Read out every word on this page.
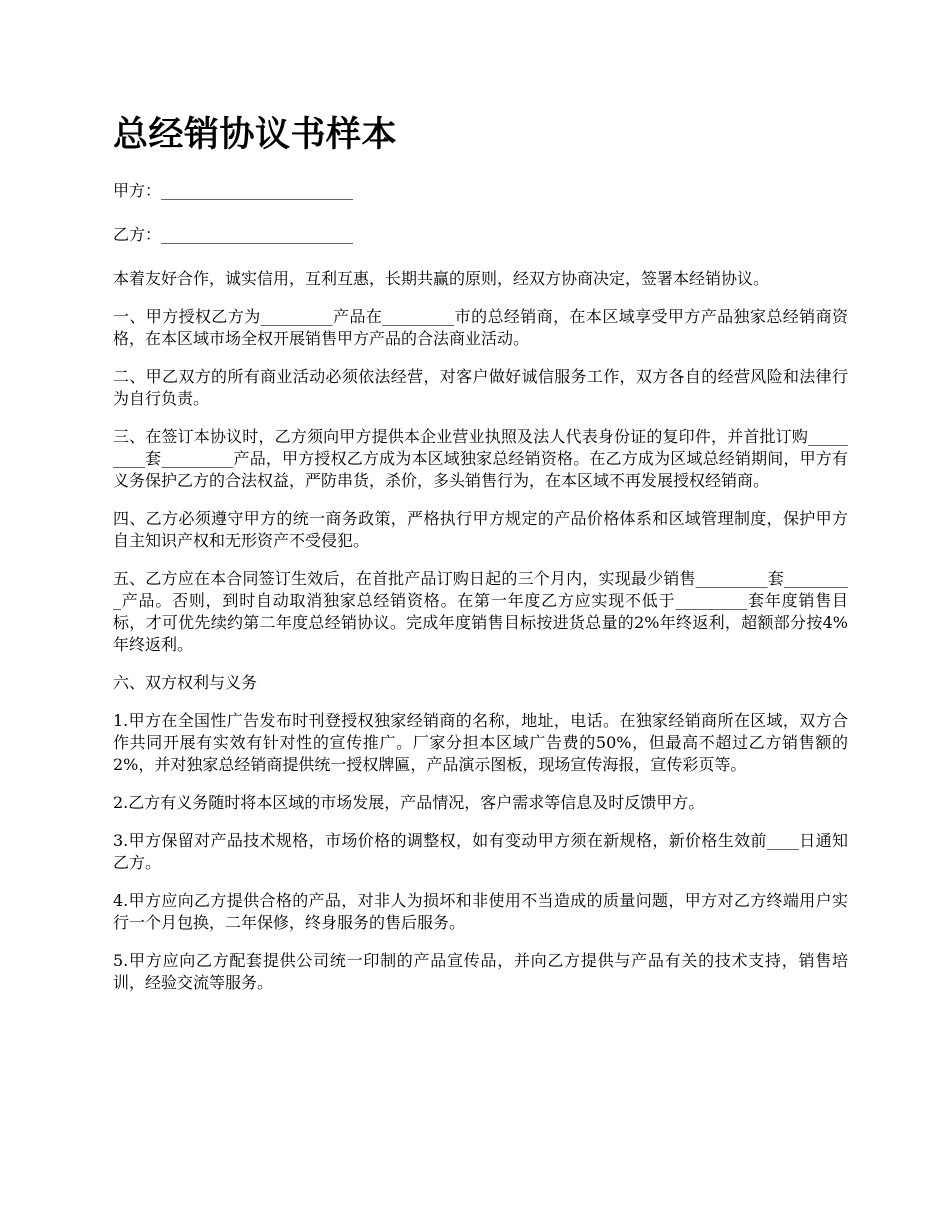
总经销协议书样本

甲方：________________________

乙方：________________________

本着友好合作，诚实信用，互利互惠，长期共赢的原则，经双方协商决定，签署本经销协议。

一、甲方授权乙方为_________产品在_________市的总经销商，在本区域享受甲方产品独家总经销商资格，在本区域市场全权开展销售甲方产品的合法商业活动。

二、甲乙双方的所有商业活动必须依法经营，对客户做好诚信服务工作，双方各自的经营风险和法律行为自行负责。

三、在签订本协议时，乙方须向甲方提供本企业营业执照及法人代表身份证的复印件，并首批订购_________套_________产品，甲方授权乙方成为本区域独家总经销资格。在乙方成为区域总经销期间，甲方有义务保护乙方的合法权益，严防串货，杀价，多头销售行为，在本区域不再发展授权经销商。

四、乙方必须遵守甲方的统一商务政策，严格执行甲方规定的产品价格体系和区域管理制度，保护甲方自主知识产权和无形资产不受侵犯。

五、乙方应在本合同签订生效后，在首批产品订购日起的三个月内，实现最少销售_________套_________产品。否则，到时自动取消独家总经销资格。在第一年度乙方应实现不低于_________套年度销售目标，才可优先续约第二年度总经销协议。完成年度销售目标按进货总量的2%年终返利，超额部分按4%年终返利。

六、双方权利与义务

1.甲方在全国性广告发布时刊登授权独家经销商的名称，地址，电话。在独家经销商所在区域，双方合作共同开展有实效有针对性的宣传推广。厂家分担本区域广告费的50%，但最高不超过乙方销售额的2%，并对独家总经销商提供统一授权牌匾，产品演示图板，现场宣传海报，宣传彩页等。

2.乙方有义务随时将本区域的市场发展，产品情况，客户需求等信息及时反馈甲方。

3.甲方保留对产品技术规格，市场价格的调整权，如有变动甲方须在新规格，新价格生效前____日通知乙方。

4.甲方应向乙方提供合格的产品，对非人为损坏和非使用不当造成的质量问题，甲方对乙方终端用户实行一个月包换，二年保修，终身服务的售后服务。

5.甲方应向乙方配套提供公司统一印制的产品宣传品，并向乙方提供与产品有关的技术支持，销售培训，经验交流等服务。
